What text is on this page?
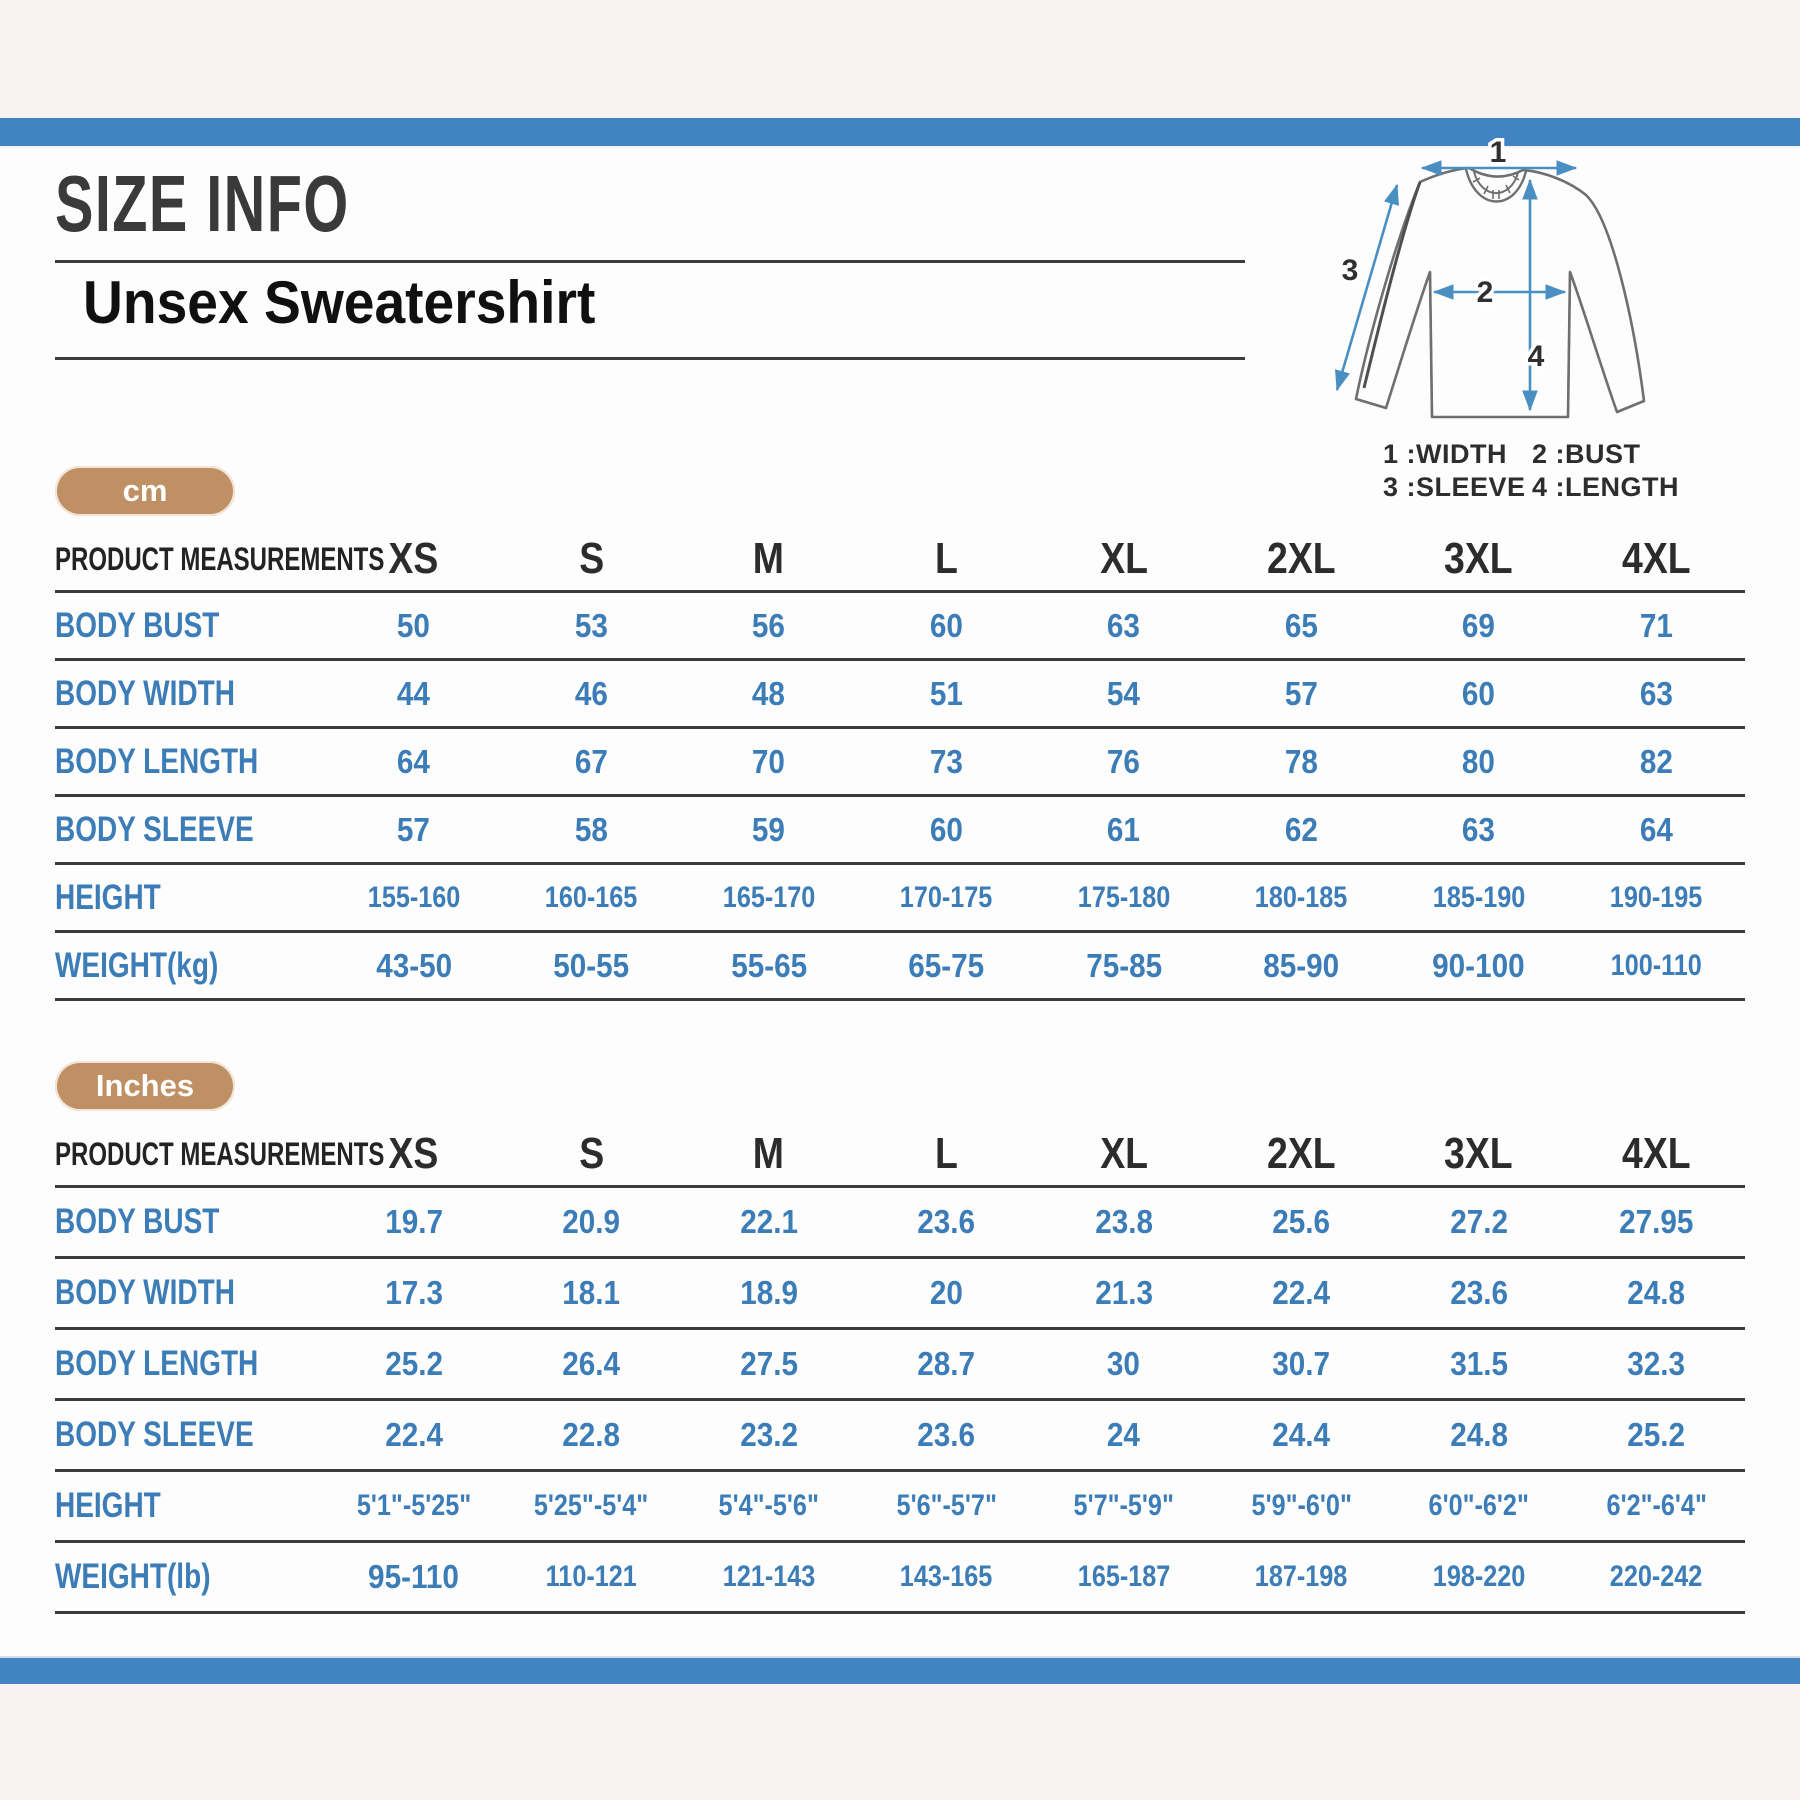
SIZE INFO
Unsex Sweatershirt
1
2
3
4
1 :WIDTH 2 :BUST
3 :SLEEVE 4 :LENGTH
cm
PRODUCT MEASUREMENTS XS	S	M	L	XL	2XL	3XL	4XL
BODY BUST	50	53	56	60	63	65	69	71
BODY WIDTH	44	46	48	51	54	57	60	63
BODY LENGTH	64	67	70	73	76	78	80	82
BODY SLEEVE	57	58	59	60	61	62	63	64
HEIGHT	155-160	160-165	165-170	170-175	175-180	180-185	185-190	190-195
WEIGHT(kg)	43-50	50-55	55-65	65-75	75-85	85-90	90-100	100-110
Inches
PRODUCT MEASUREMENTS XS	S	M	L	XL	2XL	3XL	4XL
BODY BUST	19.7	20.9	22.1	23.6	23.8	25.6	27.2	27.95
BODY WIDTH	17.3	18.1	18.9	20	21.3	22.4	23.6	24.8
BODY LENGTH	25.2	26.4	27.5	28.7	30	30.7	31.5	32.3
BODY SLEEVE	22.4	22.8	23.2	23.6	24	24.4	24.8	25.2
HEIGHT	5'1"-5'25"	5'25"-5'4"	5'4"-5'6"	5'6"-5'7"	5'7"-5'9"	5'9"-6'0"	6'0"-6'2"	6'2"-6'4"
WEIGHT(lb)	95-110	110-121	121-143	143-165	165-187	187-198	198-220	220-242
